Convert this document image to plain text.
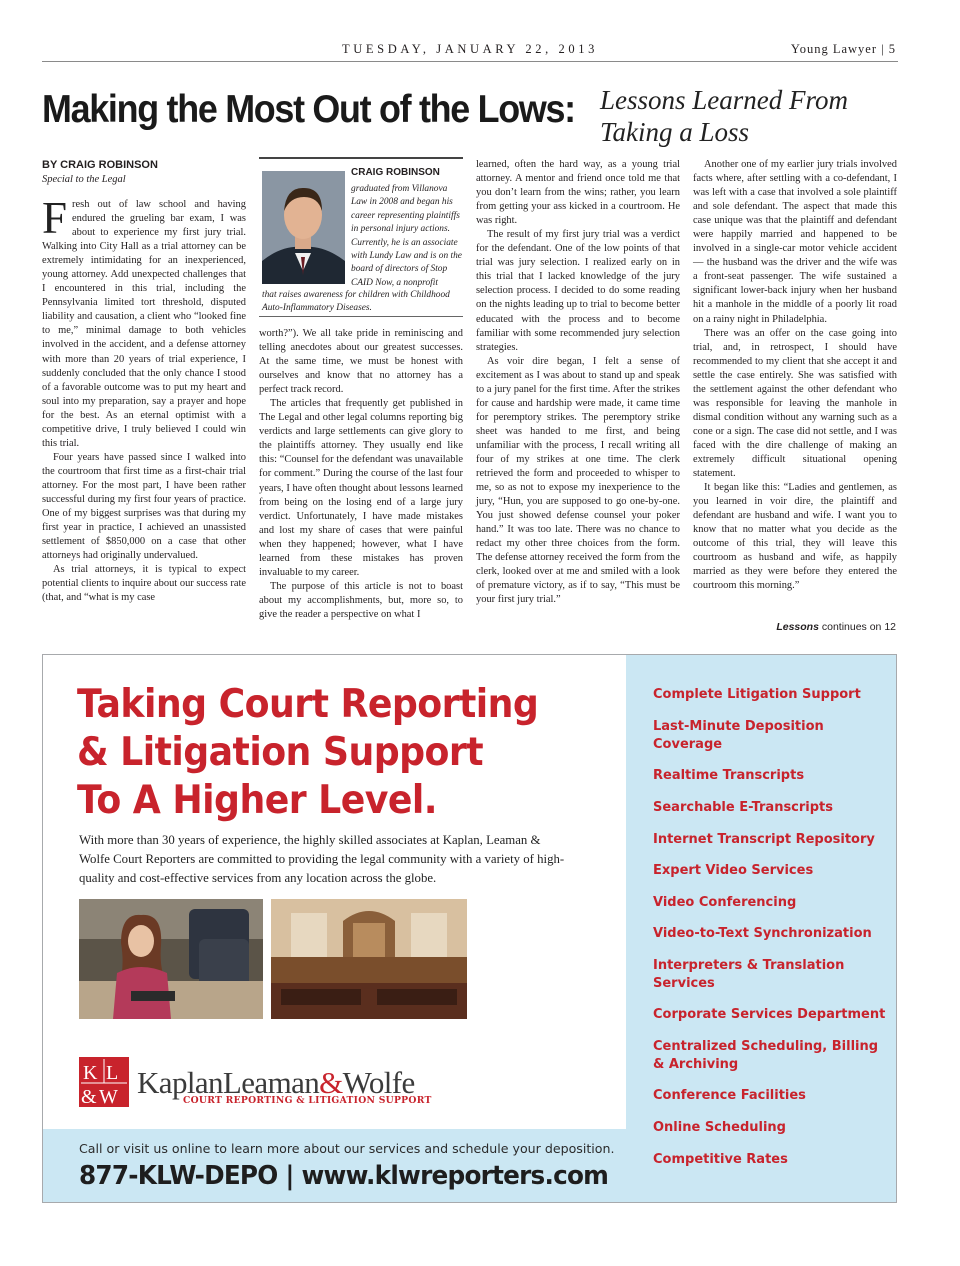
TUESDAY, JANUARY 22, 2013	Young Lawyer | 5
Making the Most Out of the Lows: Lessons Learned From
Taking a Loss
BY CRAIG ROBINSON
Special to the Legal

Fresh out of law school and having endured the grueling bar exam, I was about to experience my first jury trial. Walking into City Hall as a trial attorney can be extremely intimidating for an inexperienced, young attorney. Add unexpected challenges that I encountered in this trial, including the Pennsylvania limited tort threshold, disputed liability and causation, a client who “looked fine to me,” minimal damage to both vehicles involved in the accident, and a defense attorney with more than 20 years of trial experience, I suddenly concluded that the only chance I stood of a favorable outcome was to put my heart and soul into my preparation, say a prayer and hope for the best. As an eternal optimist with a competitive drive, I truly believed I could win this trial.

Four years have passed since I walked into the courtroom that first time as a first-chair trial attorney. For the most part, I have been rather successful during my first four years of practice. One of my biggest surprises was that during my first year in practice, I achieved an unassisted settlement of $850,000 on a case that other attorneys had originally undervalued.

As trial attorneys, it is typical to expect potential clients to inquire about our success rate (that, and “what is my case

CRAIG ROBINSON
graduated from Villanova Law in 2008 and began his career representing plaintiffs in personal injury actions. Currently, he is an associate with Lundy Law and is on the board of directors of Stop CAID Now, a nonprofit
that raises awareness for children with Childhood Auto-Inflammatory Diseases.

worth?”). We all take pride in reminiscing and telling anecdotes about our greatest successes. At the same time, we must be honest with ourselves and know that no attorney has a perfect track record.

The articles that frequently get published in The Legal and other legal columns reporting big verdicts and large settlements can give glory to the plaintiffs attorney. They usually end like this: “Counsel for the defendant was unavailable for comment.” During the course of the last four years, I have often thought about lessons learned from being on the losing end of a large jury verdict. Unfortunately, I have made mistakes and lost my share of cases that were painful when they happened; however, what I have learned from these mistakes has proven invaluable to my career.

The purpose of this article is not to boast about my accomplishments, but, more so, to give the reader a perspective on what I

learned, often the hard way, as a young trial attorney. A mentor and friend once told me that you don’t learn from the wins; rather, you learn from getting your ass kicked in a courtroom. He was right.

The result of my first jury trial was a verdict for the defendant. One of the low points of that trial was jury selection. I realized early on in this trial that I lacked knowledge of the jury selection process. I decided to do some reading on the nights leading up to trial to become better educated with the process and to become familiar with some recommended jury selection strategies.

As voir dire began, I felt a sense of excitement as I was about to stand up and speak to a jury panel for the first time. After the strikes for cause and hardship were made, it came time for peremptory strikes. The peremptory strike sheet was handed to me first, and being unfamiliar with the process, I recall writing all four of my strikes at one time. The clerk retrieved the form and proceeded to whisper to me, so as not to expose my inexperience to the jury, “Hun, you are supposed to go one-by-one. You just showed defense counsel your poker hand.” It was too late. There was no chance to redact my other three choices from the form. The defense attorney received the form from the clerk, looked over at me and smiled with a look of premature victory, as if to say, “This must be your first jury trial.”

Another one of my earlier jury trials involved facts where, after settling with a co-defendant, I was left with a case that involved a sole plaintiff and sole defendant. The aspect that made this case unique was that the plaintiff and defendant were happily married and happened to be involved in a single-car motor vehicle accident — the husband was the driver and the wife was a front-seat passenger. The wife sustained a significant lower-back injury when her husband hit a manhole in the middle of a poorly lit road on a rainy night in Philadelphia.

There was an offer on the case going into trial, and, in retrospect, I should have recommended to my client that she accept it and settle the case entirely. She was satisfied with the settlement against the other defendant who was responsible for leaving the manhole in dismal condition without any warning such as a cone or a sign. The case did not settle, and I was faced with the dire challenge of making an extremely difficult situational opening statement.

It began like this: “Ladies and gentlemen, as you learned in voir dire, the plaintiff and defendant are husband and wife. I want you to know that no matter what you decide as the outcome of this trial, they will leave this courtroom as husband and wife, as happily married as they were before they entered the courtroom this morning.”

Lessons continues on 12
Taking Court Reporting
& Litigation Support
To A Higher Level.
With more than 30 years of experience, the highly skilled associates at Kaplan, Leaman & Wolfe Court Reporters are committed to providing the legal community with a variety of high-quality and cost-effective services from any location across the globe.
K L
& W KaplanLeaman&Wolfe
COURT REPORTING & LITIGATION SUPPORT
Call or visit us online to learn more about our services and schedule your deposition.
877-KLW-DEPO | www.klwreporters.com
Complete Litigation Support
Last-Minute Deposition Coverage
Realtime Transcripts
Searchable E-Transcripts
Internet Transcript Repository
Expert Video Services
Video Conferencing
Video-to-Text Synchronization
Interpreters & Translation Services
Corporate Services Department
Centralized Scheduling, Billing & Archiving
Conference Facilities
Online Scheduling
Competitive Rates
